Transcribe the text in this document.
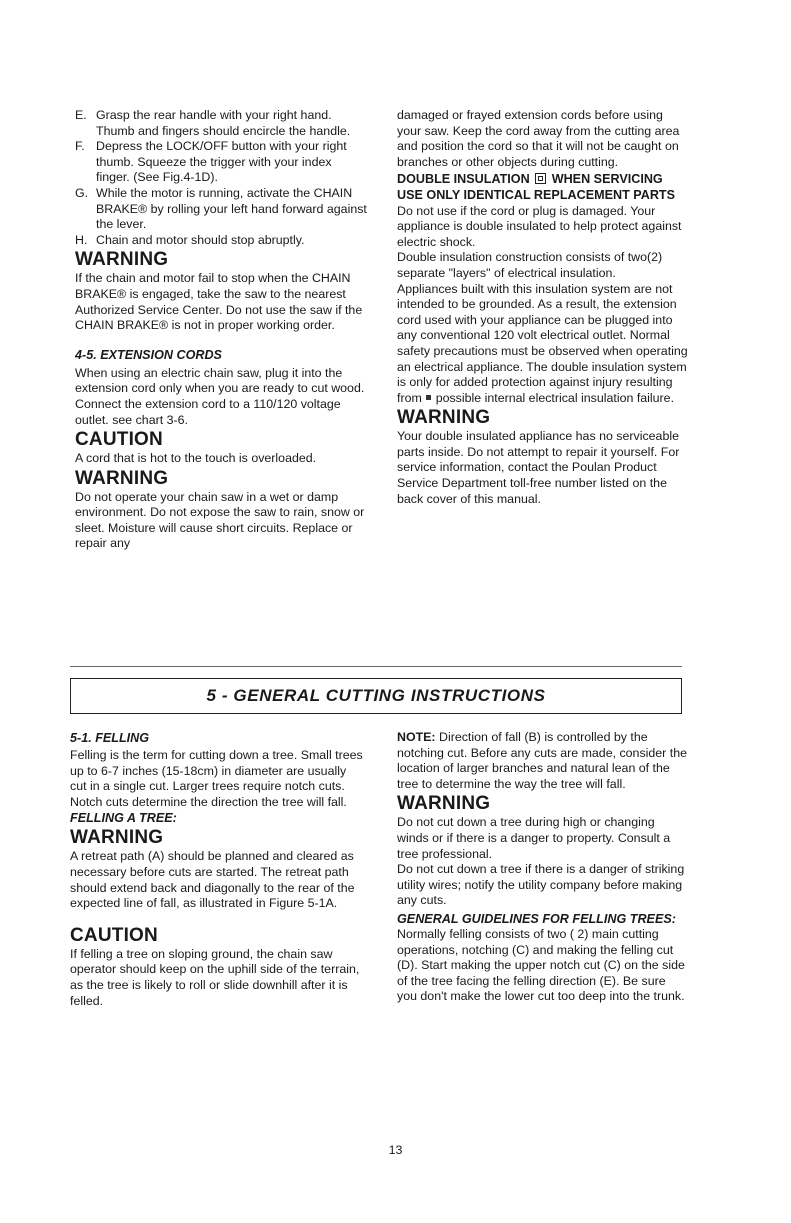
E. Grasp the rear handle with your right hand. Thumb and fingers should encircle the handle.
F. Depress the LOCK/OFF button with your right thumb. Squeeze the trigger with your index finger. (See Fig.4-1D).
G. While the motor is running, activate the CHAIN BRAKE® by rolling your left hand forward against the lever.
H. Chain and motor should stop abruptly.
WARNING

If the chain and motor fail to stop when the CHAIN BRAKE® is engaged, take the saw to the nearest Authorized Service Center. Do not use the saw if the CHAIN BRAKE® is not in proper working order.

4-5. EXTENSION CORDS

When using an electric chain saw, plug it into the extension cord only when you are ready to cut wood. Connect the extension cord to a 110/120 voltage outlet. see chart 3-6.

CAUTION

A cord that is hot to the touch is overloaded.

WARNING

Do not operate your chain saw in a wet or damp environment. Do not expose the saw to rain, snow or sleet. Moisture will cause short circuits. Replace or repair any

damaged or frayed extension cords before using your saw. Keep the cord away from the cutting area and position the cord so that it will not be caught on branches or other objects during cutting.

DOUBLE INSULATION WHEN SERVICING USE ONLY IDENTICAL REPLACEMENT PARTS

Do not use if the cord or plug is damaged. Your appliance is double insulated to help protect against electric shock.

Double insulation construction consists of two(2) separate "layers" of electrical insulation.

Appliances built with this insulation system are not intended to be grounded. As a result, the extension cord used with your appliance can be plugged into any conventional 120 volt electrical outlet. Normal safety precautions must be observed when operating an electrical appliance. The double insulation system is only for added protection against injury resulting from possible internal electrical insulation failure.

WARNING

Your double insulated appliance has no serviceable parts inside. Do not attempt to repair it yourself. For service information, contact the Poulan Product Service Department toll-free number listed on the back cover of this manual.

5 - GENERAL CUTTING INSTRUCTIONS
5-1. FELLING

Felling is the term for cutting down a tree. Small trees up to 6-7 inches (15-18cm) in diameter are usually cut in a single cut. Larger trees require notch cuts. Notch cuts determine the direction the tree will fall.

FELLING A TREE:
WARNING

A retreat path (A) should be planned and cleared as necessary before cuts are started. The retreat path should extend back and diagonally to the rear of the expected line of fall, as illustrated in Figure 5-1A.

CAUTION

If felling a tree on sloping ground, the chain saw operator should keep on the uphill side of the terrain, as the tree is likely to roll or slide downhill after it is felled.

NOTE: Direction of fall (B) is controlled by the notching cut. Before any cuts are made, consider the location of larger branches and natural lean of the tree to determine the way the tree will fall.

WARNING

Do not cut down a tree during high or changing winds or if there is a danger to property. Consult a tree professional.

Do not cut down a tree if there is a danger of striking utility wires; notify the utility company before making any cuts.

GENERAL GUIDELINES FOR FELLING TREES:

Normally felling consists of two ( 2) main cutting operations, notching (C) and making the felling cut (D). Start making the upper notch cut (C) on the side of the tree facing the felling direction (E). Be sure you don't make the lower cut too deep into the trunk.

13
